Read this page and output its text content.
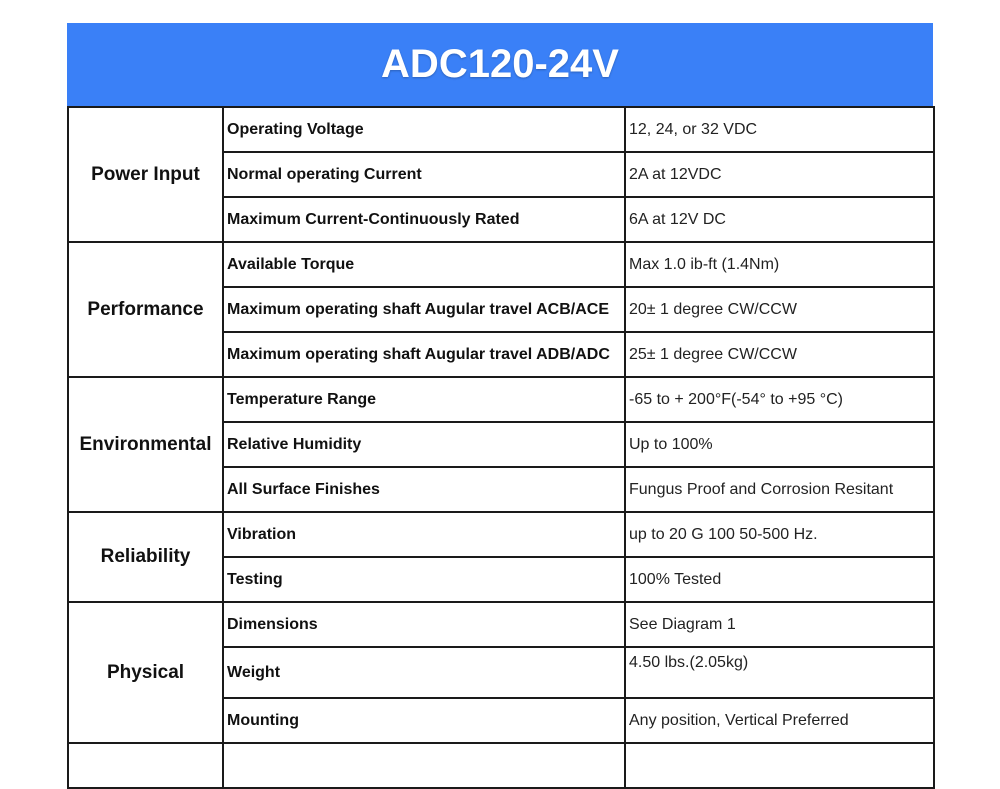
ADC120-24V
Power Input	Operating Voltage	12, 24, or 32 VDC
	Normal operating Current	2A at 12VDC
	Maximum Current-Continuously Rated	6A at 12V DC
Performance	Available Torque	Max 1.0 ib-ft (1.4Nm)
	Maximum operating shaft Augular travel ACB/ACE	20± 1 degree CW/CCW
	Maximum operating shaft Augular travel ADB/ADC	25± 1 degree CW/CCW
Environmental	Temperature Range	-65 to + 200°F(-54° to +95 °C)
	Relative Humidity	Up to 100%
	All Surface Finishes	Fungus Proof and Corrosion Resitant
Reliability	Vibration	up to 20 G 100 50-500 Hz.
	Testing	100% Tested
Physical	Dimensions	See Diagram 1
	Weight	4.50 lbs.(2.05kg)
	Mounting	Any position, Vertical Preferred
